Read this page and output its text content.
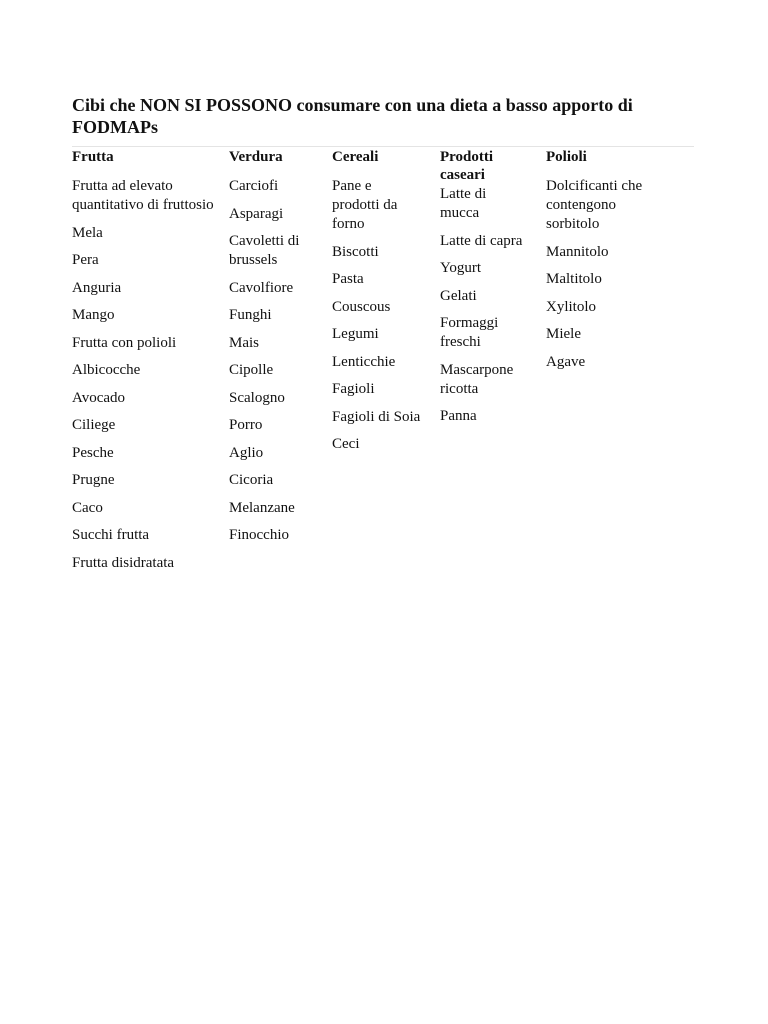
Cibi che NON SI POSSONO consumare con una dieta a basso apporto di FODMAPs
Frutta
Frutta ad elevato quantitativo di fruttosio
Mela
Pera
Anguria
Mango
Frutta con polioli
Albicocche
Avocado
Ciliege
Pesche
Prugne
Caco
Succhi frutta
Frutta disidratata
Verdura
Carciofi
Asparagi
Cavoletti di brussels
Cavolfiore
Funghi
Mais
Cipolle
Scalogno
Porro
Aglio
Cicoria
Melanzane
Finocchio
Cereali
Pane e prodotti da forno
Biscotti
Pasta
Couscous
Legumi
Lenticchie
Fagioli
Fagioli di Soia
Ceci
Prodotti caseari
Latte di mucca
Latte di capra
Yogurt
Gelati
Formaggi freschi
Mascarpone ricotta
Panna
Polioli
Dolcificanti che contengono sorbitolo
Mannitolo
Maltitolo
Xylitolo
Miele
Agave
